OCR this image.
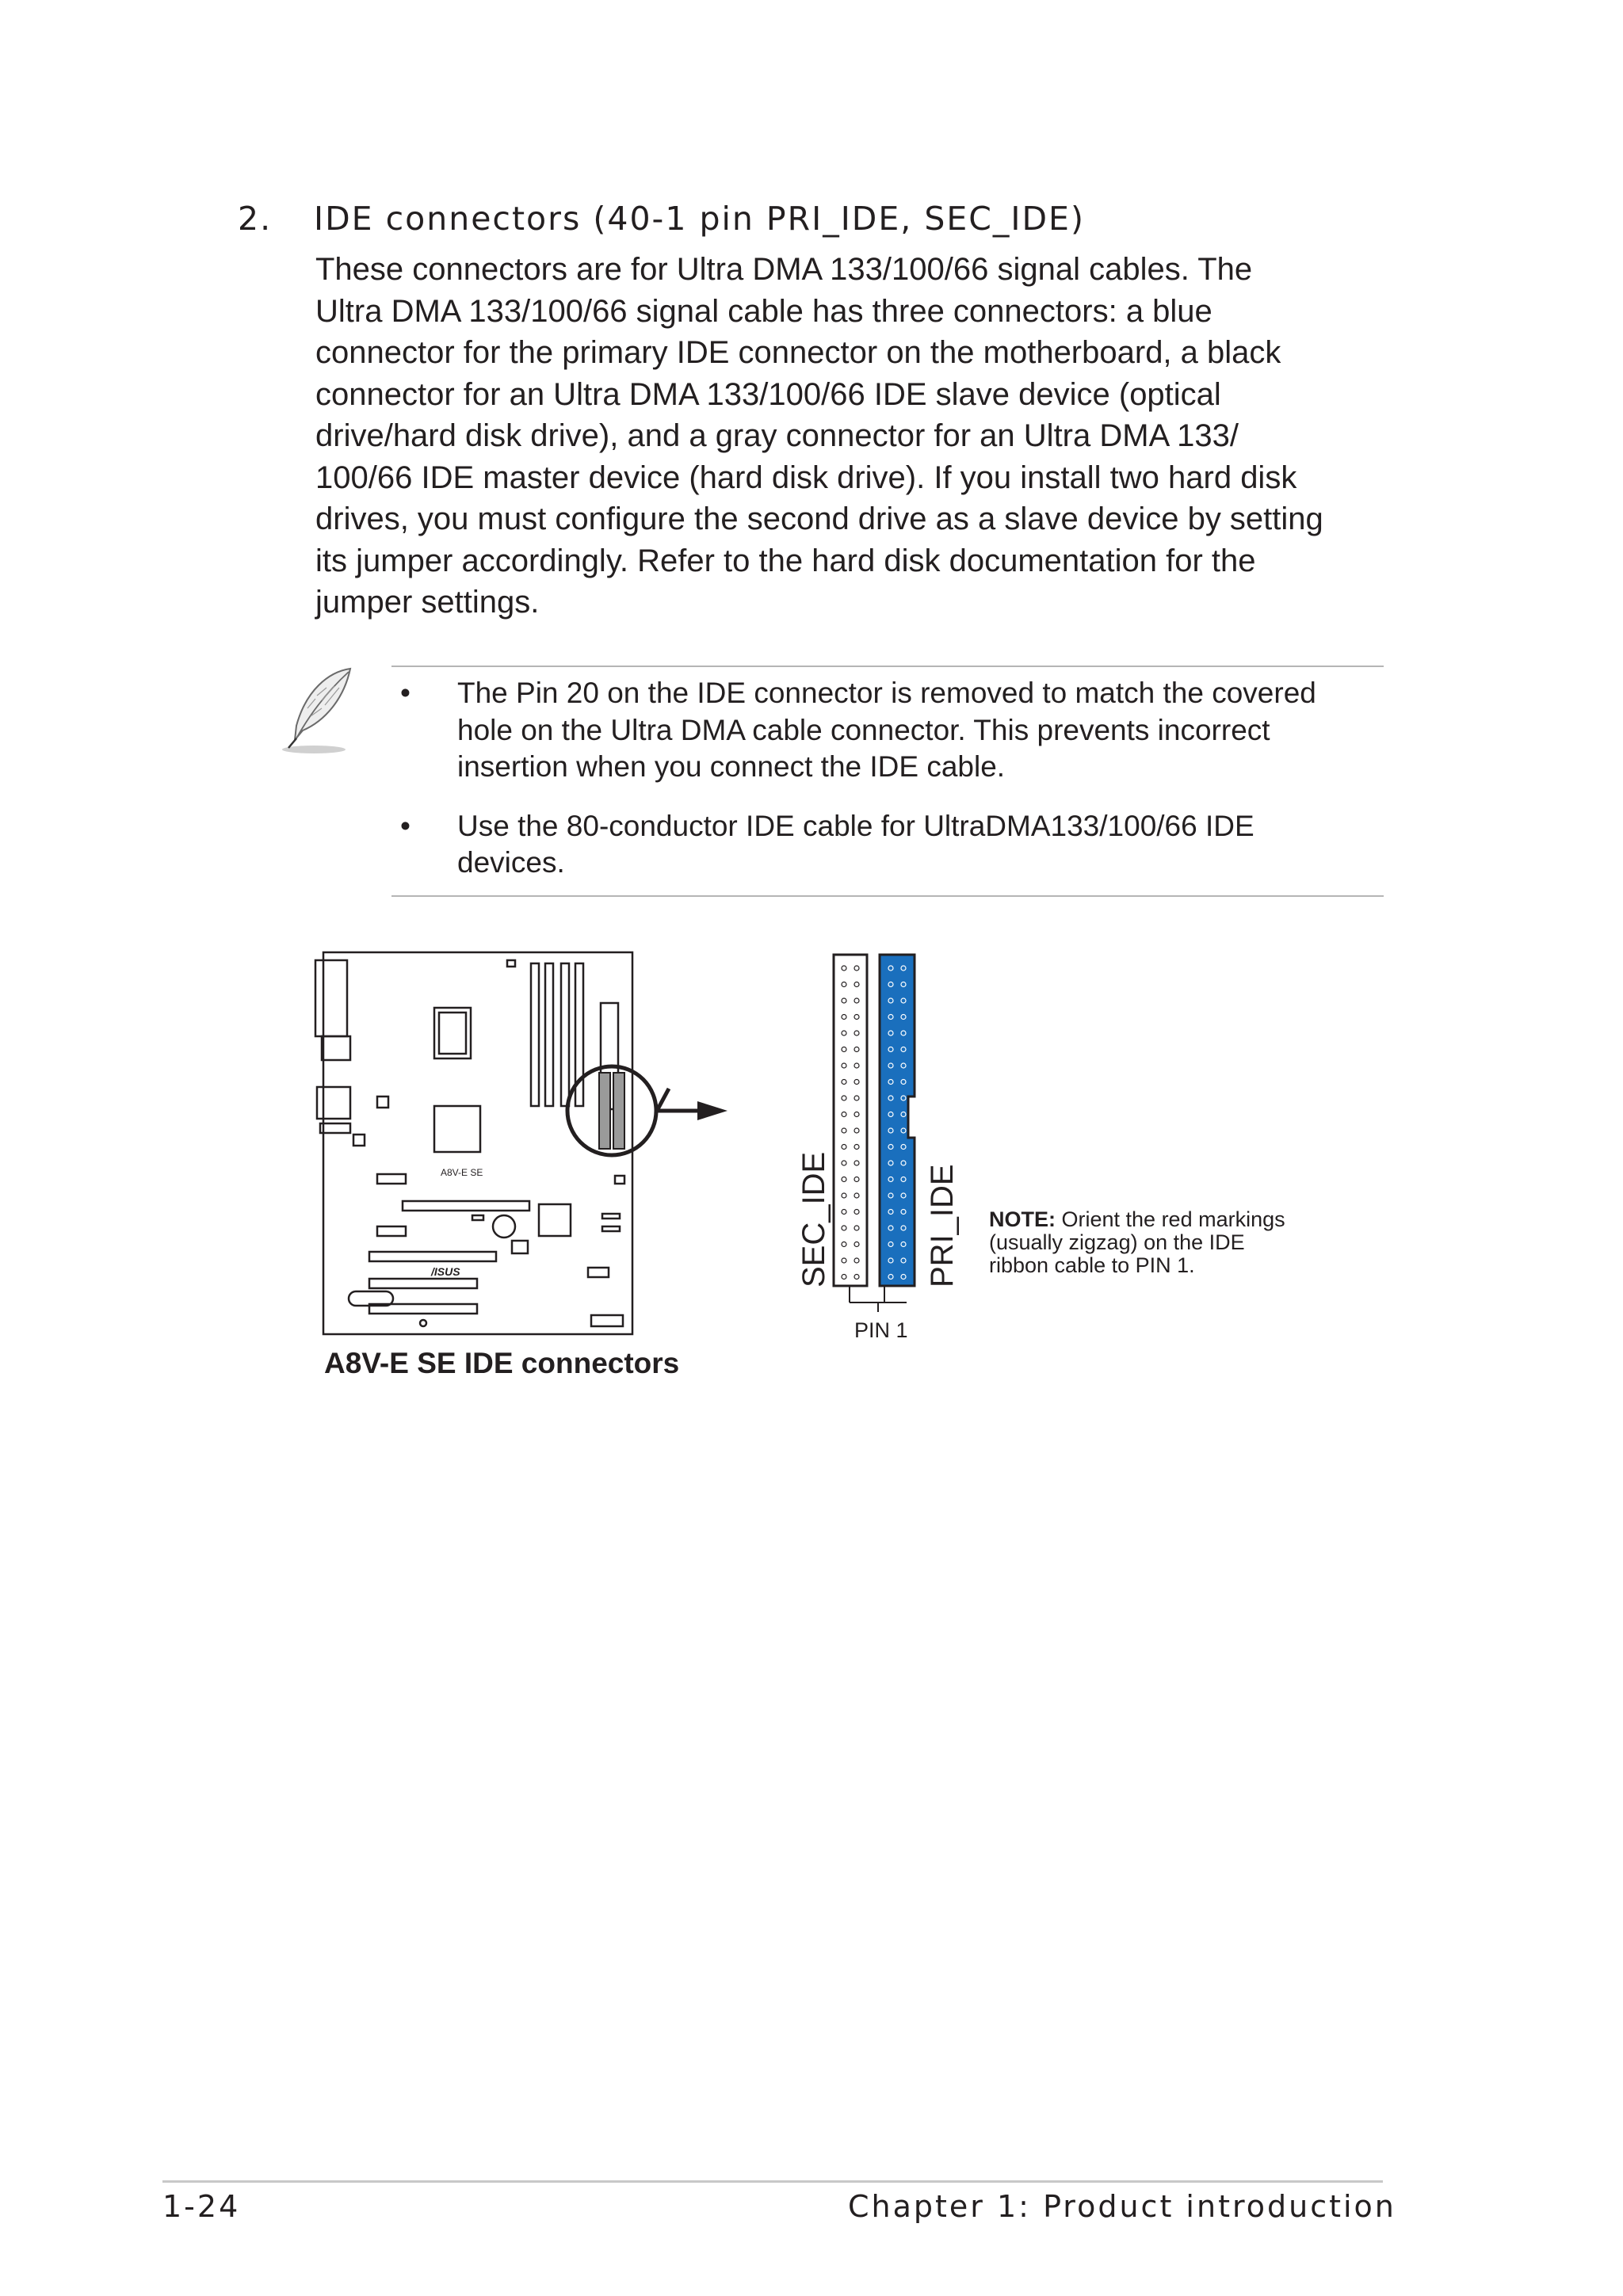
2. IDE connectors (40-1 pin PRI_IDE, SEC_IDE)
These connectors are for Ultra DMA 133/100/66 signal cables. The
Ultra DMA 133/100/66 signal cable has three connectors: a blue
connector for the primary IDE connector on the motherboard, a black
connector for an Ultra DMA 133/100/66 IDE slave device (optical
drive/hard disk drive), and a gray connector for an Ultra DMA 133/
100/66 IDE master device (hard disk drive). If you install two hard disk
drives, you must configure the second drive as a slave device by setting
its jumper accordingly. Refer to the hard disk documentation for the
jumper settings.
•	The Pin 20 on the IDE connector is removed to match the covered
hole on the Ultra DMA cable connector. This prevents incorrect
insertion when you connect the IDE cable.
•	Use the 80-conductor IDE cable for UltraDMA133/100/66 IDE
devices.
A8V-E SE
/ISUS	SEC_IDE	PRI_IDE
PIN 1
NOTE: Orient the red markings
(usually zigzag) on the IDE
ribbon cable to PIN 1.
A8V-E SE IDE connectors
1-24	Chapter 1: Product introduction
